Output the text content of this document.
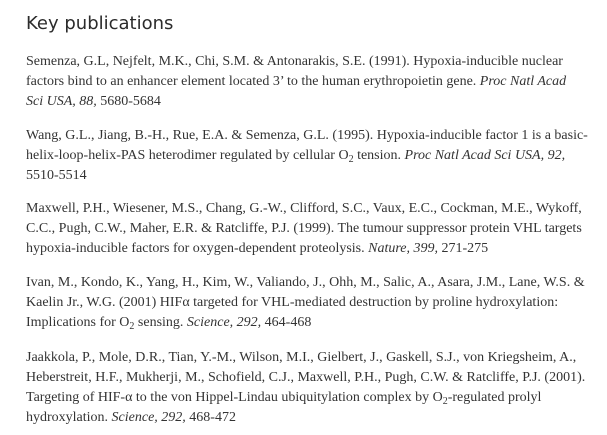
Key publications
Semenza, G.L, Nejfelt, M.K., Chi, S.M. & Antonarakis, S.E. (1991). Hypoxia-inducible nuclear
factors bind to an enhancer element located 3’ to the human erythropoietin gene. Proc Natl Acad
Sci USA, 88, 5680-5684
Wang, G.L., Jiang, B.-H., Rue, E.A. & Semenza, G.L. (1995). Hypoxia-inducible factor 1 is a basic-
helix-loop-helix-PAS heterodimer regulated by cellular $O_2$ tension. Proc Natl Acad Sci USA, 92,
5510-5514
Maxwell, P.H., Wiesener, M.S., Chang, G.-W., Clifford, S.C., Vaux, E.C., Cockman, M.E., Wykoff,
C.C., Pugh, C.W., Maher, E.R. & Ratcliffe, P.J. (1999). The tumour suppressor protein VHL targets
hypoxia-inducible factors for oxygen-dependent proteolysis. Nature, 399, 271-275
Ivan, M., Kondo, K., Yang, H., Kim, W., Valiando, J., Ohh, M., Salic, A., Asara, J.M., Lane, W.S. &
Kaelin Jr., W.G. (2001) HIFα targeted for VHL-mediated destruction by proline hydroxylation:
Implications for $O_2$ sensing. Science, 292, 464-468
Jaakkola, P., Mole, D.R., Tian, Y.-M., Wilson, M.I., Gielbert, J., Gaskell, S.J., von Kriegsheim, A.,
Heberstreit, H.F., Mukherji, M., Schofield, C.J., Maxwell, P.H., Pugh, C.W. & Ratcliffe, P.J. (2001).
Targeting of HIF-α to the von Hippel-Lindau ubiquitylation complex by $O_2$-regulated prolyl
hydroxylation. Science, 292, 468-472
